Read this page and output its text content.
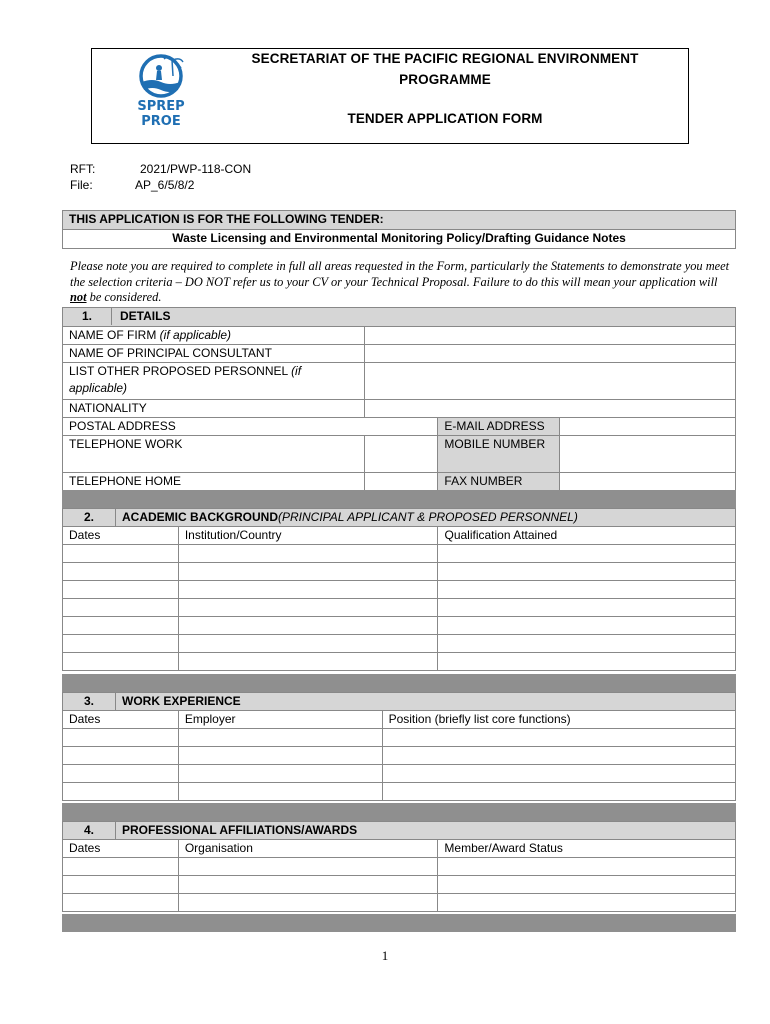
SPREP
PROE
SECRETARIAT OF THE PACIFIC REGIONAL ENVIRONMENT
PROGRAMME
TENDER APPLICATION FORM
RFT:	2021/PWP-118-CON
File:	AP_6/5/8/2
THIS APPLICATION IS FOR THE FOLLOWING TENDER:
Waste Licensing and Environmental Monitoring Policy/Drafting Guidance Notes
Please note you are required to complete in full all areas requested in the Form, particularly the Statements to demonstrate you meet the selection criteria – DO NOT refer us to your CV or your Technical Proposal. Failure to do this will mean your application will not be considered.
1. DETAILS			
NAME OF FIRM (if applicable)			
NAME OF PRINCIPAL CONSULTANT			
LIST OTHER PROPOSED PERSONNEL (if applicable)			
NATIONALITY			
POSTAL ADDRESS		E-MAIL ADDRESS	
TELEPHONE WORK		MOBILE NUMBER	
TELEPHONE HOME		FAX NUMBER	
2. ACADEMIC BACKGROUND(PRINCIPAL APPLICANT & PROPOSED PERSONNEL)		
Dates	Institution/Country	Qualification Attained

3. WORK EXPERIENCE		
Dates	Employer	Position (briefly list core functions)

4. PROFESSIONAL AFFILIATIONS/AWARDS		
Dates	Organisation	Member/Award Status

1
